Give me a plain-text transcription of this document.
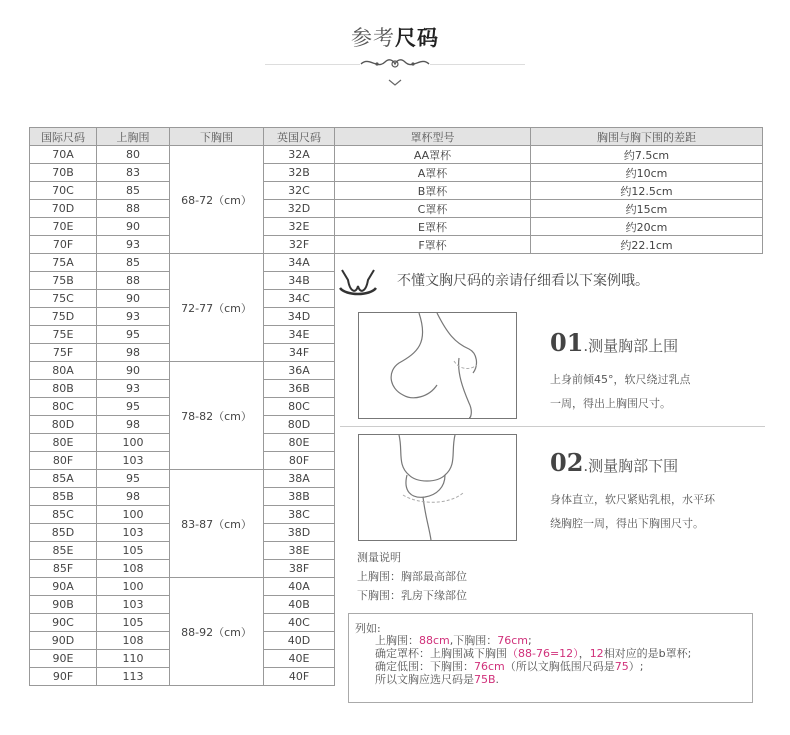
参考尺码
国际尺码	上胸围	下胸围	英国尺码	罩杯型号	胸围与胸下围的差距
70A	80	68-72（cm）	32A	AA罩杯	约7.5cm
70B	83		32B	A罩杯	约10cm
70C	85		32C	B罩杯	约12.5cm
70D	88		32D	C罩杯	约15cm
70E	90		32E	E罩杯	约20cm
70F	93		32F	F罩杯	约22.1cm
75A	85	72-77（cm）	34A		
75B	88		34B		
75C	90		34C		
75D	93		34D		
75E	95		34E		
75F	98		34F		
80A	90	78-82（cm）	36A		
80B	93		36B		
80C	95		80C		
80D	98		80D		
80E	100		80E		
80F	103		80F		
85A	95	83-87（cm）	38A		
85B	98		38B		
85C	100		38C		
85D	103		38D		
85E	105		38E		
85F	108		38F		
90A	100	88-92（cm）	40A		
90B	103		40B		
90C	105		40C		
90D	108		40D		
90E	110		40E		
90F	113		40F		
不懂文胸尺码的亲请仔细看以下案例哦。
01.测量胸部上围
上身前倾45°，软尺绕过乳点
一周，得出上胸围尺寸。
02.测量胸部下围
身体直立，软尺紧贴乳根，水平环
绕胸腔一周，得出下胸围尺寸。
测量说明
上胸围：胸部最高部位
下胸围：乳房下缘部位
列如:
上胸围：88cm,下胸围：76cm;
确定罩杯：上胸围减下胸围（88-76=12），12相对应的是b罩杯;
确定低围：下胸围：76cm（所以文胸低围尺码是75）;
所以文胸应选尺码是75B.
